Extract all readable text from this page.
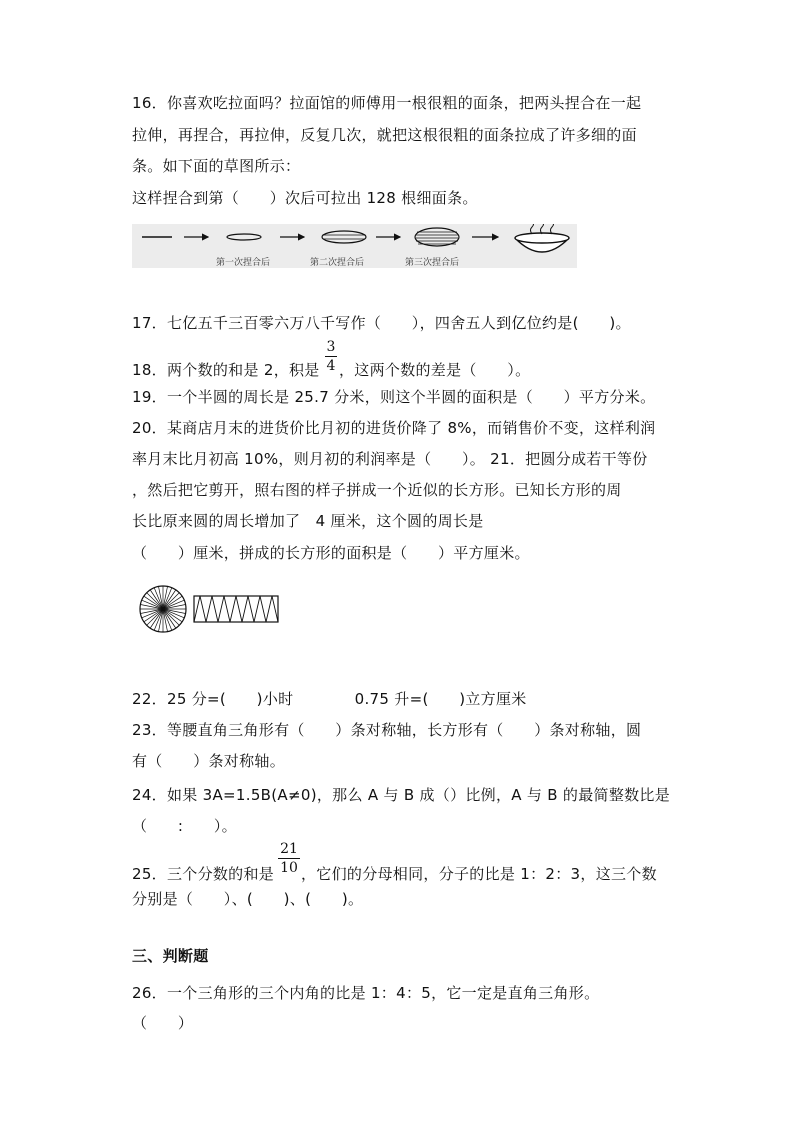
16．你喜欢吃拉面吗？拉面馆的师傅用一根很粗的面条，把两头捏合在一起
拉伸，再捏合，再拉伸，反复几次，就把这根很粗的面条拉成了许多细的面
条。如下面的草图所示：
这样捏合到第（　　）次后可拉出 128 根细面条。
第一次捏合后	第二次捏合后	第三次捏合后
17．七亿五千三百零六万八千写作（　　），四舍五人到亿位约是(　　)。
3
4
18．两个数的和是 2，积是 ，这两个数的差是（　　）。
19．一个半圆的周长是 25.7 分米，则这个半圆的面积是（　　）平方分米。
20．某商店月末的进货价比月初的进货价降了 8%，而销售价不变，这样利润
率月末比月初高 10%，则月初的利润率是（　　）。 21．把圆分成若干等份
，然后把它剪开，照右图的样子拼成一个近似的长方形。已知长方形的周
长比原来圆的周长增加了　4 厘米，这个圆的周长是
（　　）厘米，拼成的长方形的面积是（　　）平方厘米。
22．25 分=(　　)小时　　　　0.75 升=(　　)立方厘米
23．等腰直角三角形有（　　）条对称轴，长方形有（　　）条对称轴，圆
有（　　）条对称轴。
24．如果 3A=1.5B(A≠0)，那么 A 与 B 成（）比例，A 与 B 的最简整数比是
（　　:　　）。
21
10
25．三个分数的和是 ，它们的分母相同，分子的比是 1：2：3，这三个数
分别是（　　）、(　　)、(　　)。
三、判断题
26．一个三角形的三个内角的比是 1：4：5，它一定是直角三角形。
（　　）
